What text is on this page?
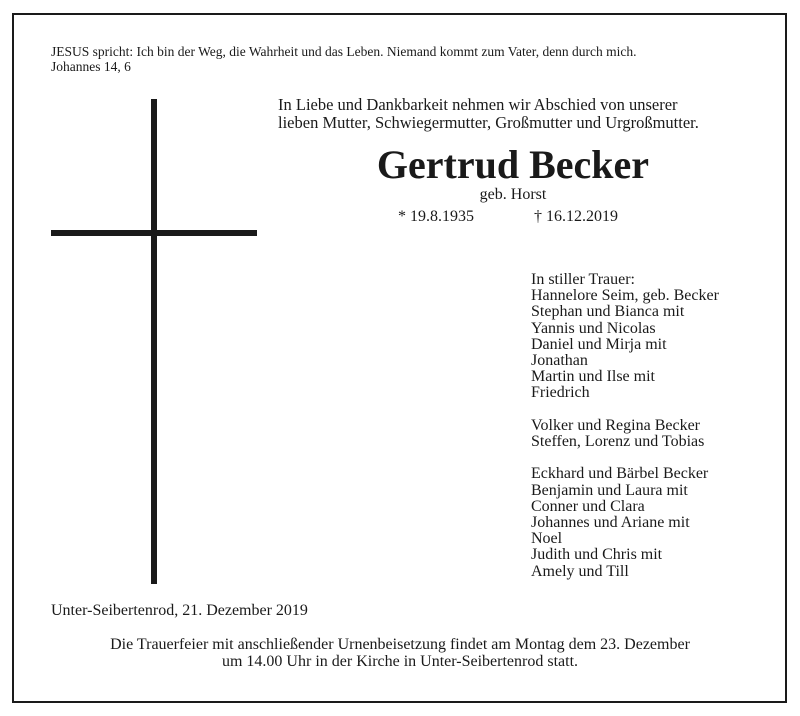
JESUS spricht: Ich bin der Weg, die Wahrheit und das Leben. Niemand kommt zum Vater, denn durch mich.
Johannes 14, 6
In Liebe und Dankbarkeit nehmen wir Abschied von unserer
lieben Mutter, Schwiegermutter, Großmutter und Urgroßmutter.
Gertrud Becker
geb. Horst
* 19.8.1935	† 16.12.2019
In stiller Trauer:
Hannelore Seim, geb. Becker
Stephan und Bianca mit
Yannis und Nicolas
Daniel und Mirja mit
Jonathan
Martin und Ilse mit
Friedrich
Volker und Regina Becker
Steffen, Lorenz und Tobias
Eckhard und Bärbel Becker
Benjamin und Laura mit
Conner und Clara
Johannes und Ariane mit
Noel
Judith und Chris mit
Amely und Till
Unter-Seibertenrod, 21. Dezember 2019
Die Trauerfeier mit anschließender Urnenbeisetzung findet am Montag dem 23. Dezember
um 14.00 Uhr in der Kirche in Unter-Seibertenrod statt.
